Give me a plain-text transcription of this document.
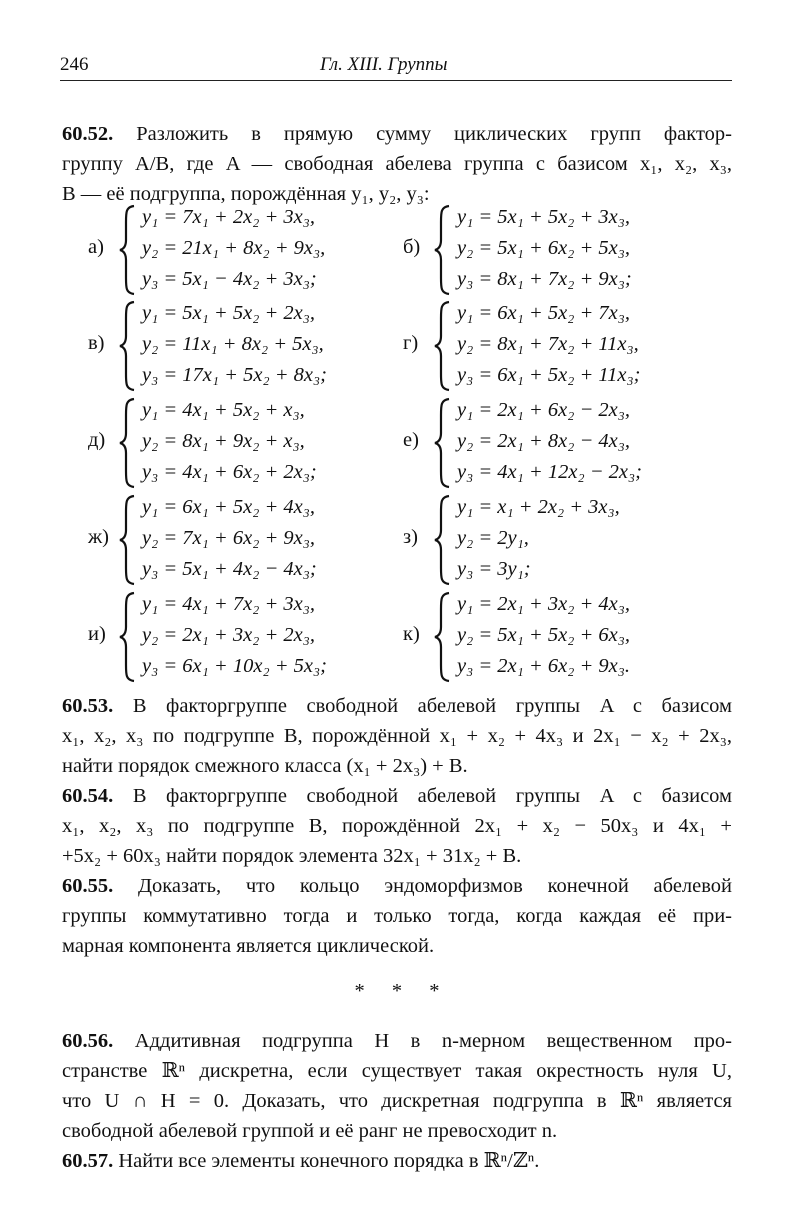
246	Гл. XIII. Группы
60.52. Разложить в прямую сумму циклических групп фактор-
группу A/B, где A — свободная абелева группа с базисом x₁, x₂, x₃,
B — её подгруппа, порождённая y₁, y₂, y₃:
60.53. В факторгруппе свободной абелевой группы A с базисом
x₁, x₂, x₃ по подгруппе B, порождённой x₁ + x₂ + 4x₃ и 2x₁ − x₂ + 2x₃,
найти порядок смежного класса (x₁ + 2x₃) + B.
60.54. В факторгруппе свободной абелевой группы A с базисом
x₁, x₂, x₃ по подгруппе B, порождённой 2x₁ + x₂ − 50x₃ и 4x₁ +
+5x₂ + 60x₃ найти порядок элемента 32x₁ + 31x₂ + B.
60.55. Доказать, что кольцо эндоморфизмов конечной абелевой
группы коммутативно тогда и только тогда, когда каждая её при-
марная компонента является циклической.
60.56. Аддитивная подгруппа H в n-мерном вещественном про-
странстве ℝⁿ дискретна, если существует такая окрестность нуля U,
что U ∩ H = 0. Доказать, что дискретная подгруппа в ℝⁿ является
свободной абелевой группой и её ранг не превосходит n.
60.57. Найти все элементы конечного порядка в ℝⁿ/ℤⁿ.
а)
y₁ = 7x₁ + 2x₂ + 3x₃,
y₂ = 21x₁ + 8x₂ + 9x₃,
y₃ = 5x₁ − 4x₂ + 3x₃;
б)
y₁ = 5x₁ + 5x₂ + 3x₃,
y₂ = 5x₁ + 6x₂ + 5x₃,
y₃ = 8x₁ + 7x₂ + 9x₃;
в)
y₁ = 5x₁ + 5x₂ + 2x₃,
y₂ = 11x₁ + 8x₂ + 5x₃,
y₃ = 17x₁ + 5x₂ + 8x₃;
г)
y₁ = 6x₁ + 5x₂ + 7x₃,
y₂ = 8x₁ + 7x₂ + 11x₃,
y₃ = 6x₁ + 5x₂ + 11x₃;
д)
y₁ = 4x₁ + 5x₂ + x₃,
y₂ = 8x₁ + 9x₂ + x₃,
y₃ = 4x₁ + 6x₂ + 2x₃;
е)
y₁ = 2x₁ + 6x₂ − 2x₃,
y₂ = 2x₁ + 8x₂ − 4x₃,
y₃ = 4x₁ + 12x₂ − 2x₃;
ж)
y₁ = 6x₁ + 5x₂ + 4x₃,
y₂ = 7x₁ + 6x₂ + 9x₃,
y₃ = 5x₁ + 4x₂ − 4x₃;
з)
y₁ = x₁ + 2x₂ + 3x₃,
y₂ = 2y₁,
y₃ = 3y₁;
и)
y₁ = 4x₁ + 7x₂ + 3x₃,
y₂ = 2x₁ + 3x₂ + 2x₃,
y₃ = 6x₁ + 10x₂ + 5x₃;
к)
y₁ = 2x₁ + 3x₂ + 4x₃,
y₂ = 5x₁ + 5x₂ + 6x₃,
y₃ = 2x₁ + 6x₂ + 9x₃.
* * *
